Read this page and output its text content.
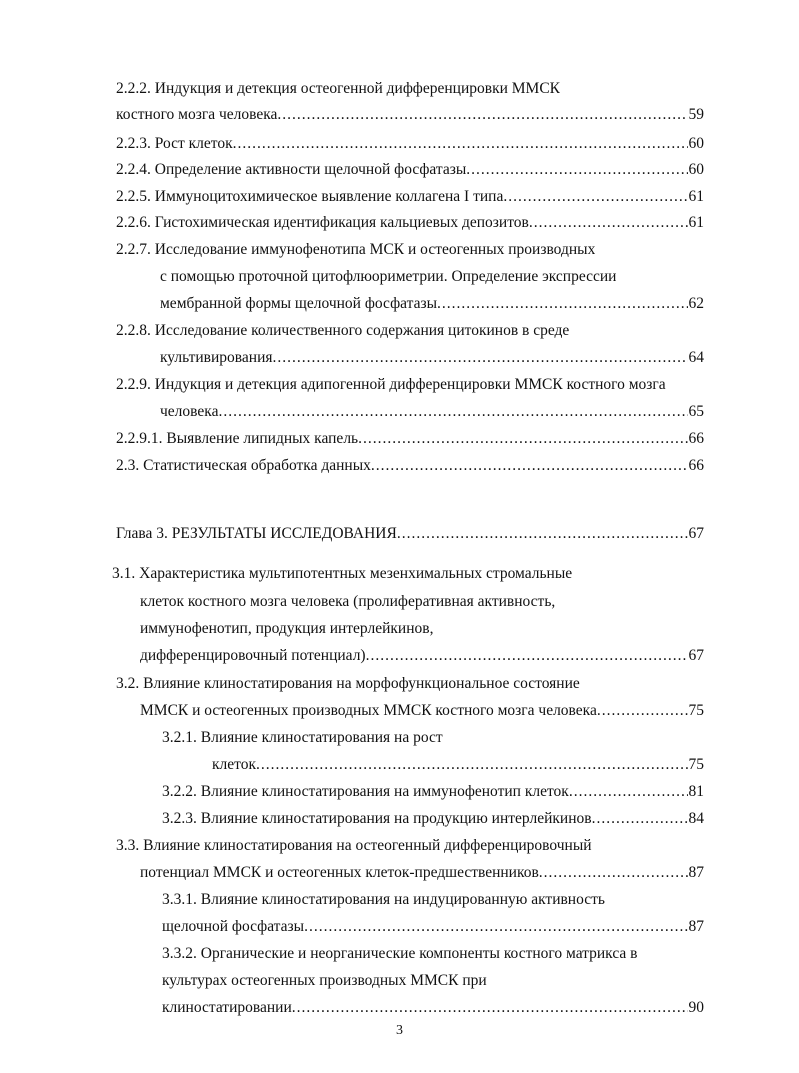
2.2.2. Индукция и детекция остеогенной дифференцировки ММСК
костного мозга человека .....	59
2.2.3. Рост клеток .....	60
2.2.4. Определение активности щелочной фосфатазы .....	60
2.2.5. Иммуноцитохимическое выявление коллагена I типа .....	61
2.2.6. Гистохимическая идентификация кальциевых депозитов .....	61
2.2.7. Исследование иммунофенотипа МСК и остеогенных производных
с помощью проточной цитофлюориметрии. Определение экспрессии
мембранной формы щелочной фосфатазы .....	62
2.2.8. Исследование количественного содержания цитокинов в среде
культивирования .....	64
2.2.9. Индукция и детекция адипогенной дифференцировки ММСК костного мозга
человека .....	65
2.2.9.1. Выявление липидных капель .....	66
2.3. Статистическая обработка данных .....	66
Глава 3. РЕЗУЛЬТАТЫ ИССЛЕДОВАНИЯ .....	67
3.1. Характеристика мультипотентных мезенхимальных стромальные
клеток костного мозга человека (пролиферативная активность,
иммунофенотип, продукция интерлейкинов,
дифференцировочный потенциал) .....	67
3.2. Влияние клиностатирования на морфофункциональное состояние
ММСК и остеогенных производных ММСК костного мозга человека .....	75
3.2.1. Влияние клиностатирования на рост
клеток .....	75
3.2.2. Влияние клиностатирования на иммунофенотип клеток .....	81
3.2.3. Влияние клиностатирования на продукцию интерлейкинов .....	84
3.3. Влияние клиностатирования на остеогенный дифференцировочный
потенциал ММСК и остеогенных клеток-предшественников .....	87
3.3.1. Влияние клиностатирования на индуцированную активность
щелочной фосфатазы .....	87
3.3.2. Органические и неорганические компоненты костного матрикса в
культурах остеогенных производных ММСК при
клиностатировании .....	90
3
